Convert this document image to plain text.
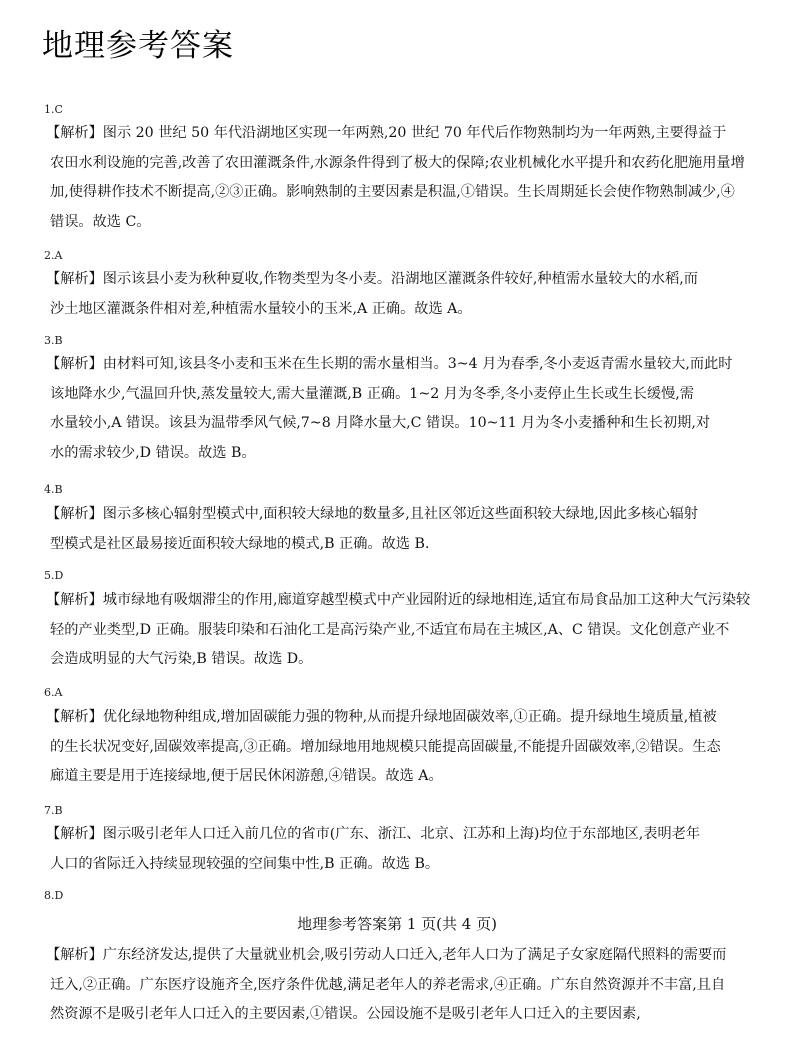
地理参考答案
1.C
【解析】图示 20 世纪 50 年代沿湖地区实现一年两熟,20 世纪 70 年代后作物熟制均为一年两熟,主要得益于
农田水利设施的完善,改善了农田灌溉条件,水源条件得到了极大的保障;农业机械化水平提升和农药化肥施用量增
加,使得耕作技术不断提高,②③正确。影响熟制的主要因素是积温,①错误。生长周期延长会使作物熟制减少,④
错误。故选 C。
2.A
【解析】图示该县小麦为秋种夏收,作物类型为冬小麦。沿湖地区灌溉条件较好,种植需水量较大的水稻,而
沙土地区灌溉条件相对差,种植需水量较小的玉米,A 正确。故选 A。
3.B
【解析】由材料可知,该县冬小麦和玉米在生长期的需水量相当。3~4 月为春季,冬小麦返青需水量较大,而此时
该地降水少,气温回升快,蒸发量较大,需大量灌溉,B 正确。1~2 月为冬季,冬小麦停止生长或生长缓慢,需
水量较小,A 错误。该县为温带季风气候,7~8 月降水量大,C 错误。10~11 月为冬小麦播种和生长初期,对
水的需求较少,D 错误。故选 B。
4.B
【解析】图示多核心辐射型模式中,面积较大绿地的数量多,且社区邻近这些面积较大绿地,因此多核心辐射
型模式是社区最易接近面积较大绿地的模式,B 正确。故选 B.
5.D
【解析】城市绿地有吸烟滞尘的作用,廊道穿越型模式中产业园附近的绿地相连,适宜布局食品加工这种大气污染较
轻的产业类型,D 正确。服装印染和石油化工是高污染产业,不适宜布局在主城区,A、C 错误。文化创意产业不
会造成明显的大气污染,B 错误。故选 D。
6.A
【解析】优化绿地物种组成,增加固碳能力强的物种,从而提升绿地固碳效率,①正确。提升绿地生境质量,植被
的生长状况变好,固碳效率提高,③正确。增加绿地用地规模只能提高固碳量,不能提升固碳效率,②错误。生态
廊道主要是用于连接绿地,便于居民休闲游憩,④错误。故选 A。
7.B
【解析】图示吸引老年人口迁入前几位的省市(广东、浙江、北京、江苏和上海)均位于东部地区,表明老年
人口的省际迁入持续显现较强的空间集中性,B 正确。故选 B。
8.D
地理参考答案第 1 页(共 4 页)
【解析】广东经济发达,提供了大量就业机会,吸引劳动人口迁入,老年人口为了满足子女家庭隔代照料的需要而
迁入,②正确。广东医疗设施齐全,医疗条件优越,满足老年人的养老需求,④正确。广东自然资源并不丰富,且自
然资源不是吸引老年人口迁入的主要因素,①错误。公园设施不是吸引老年人口迁入的主要因素,
